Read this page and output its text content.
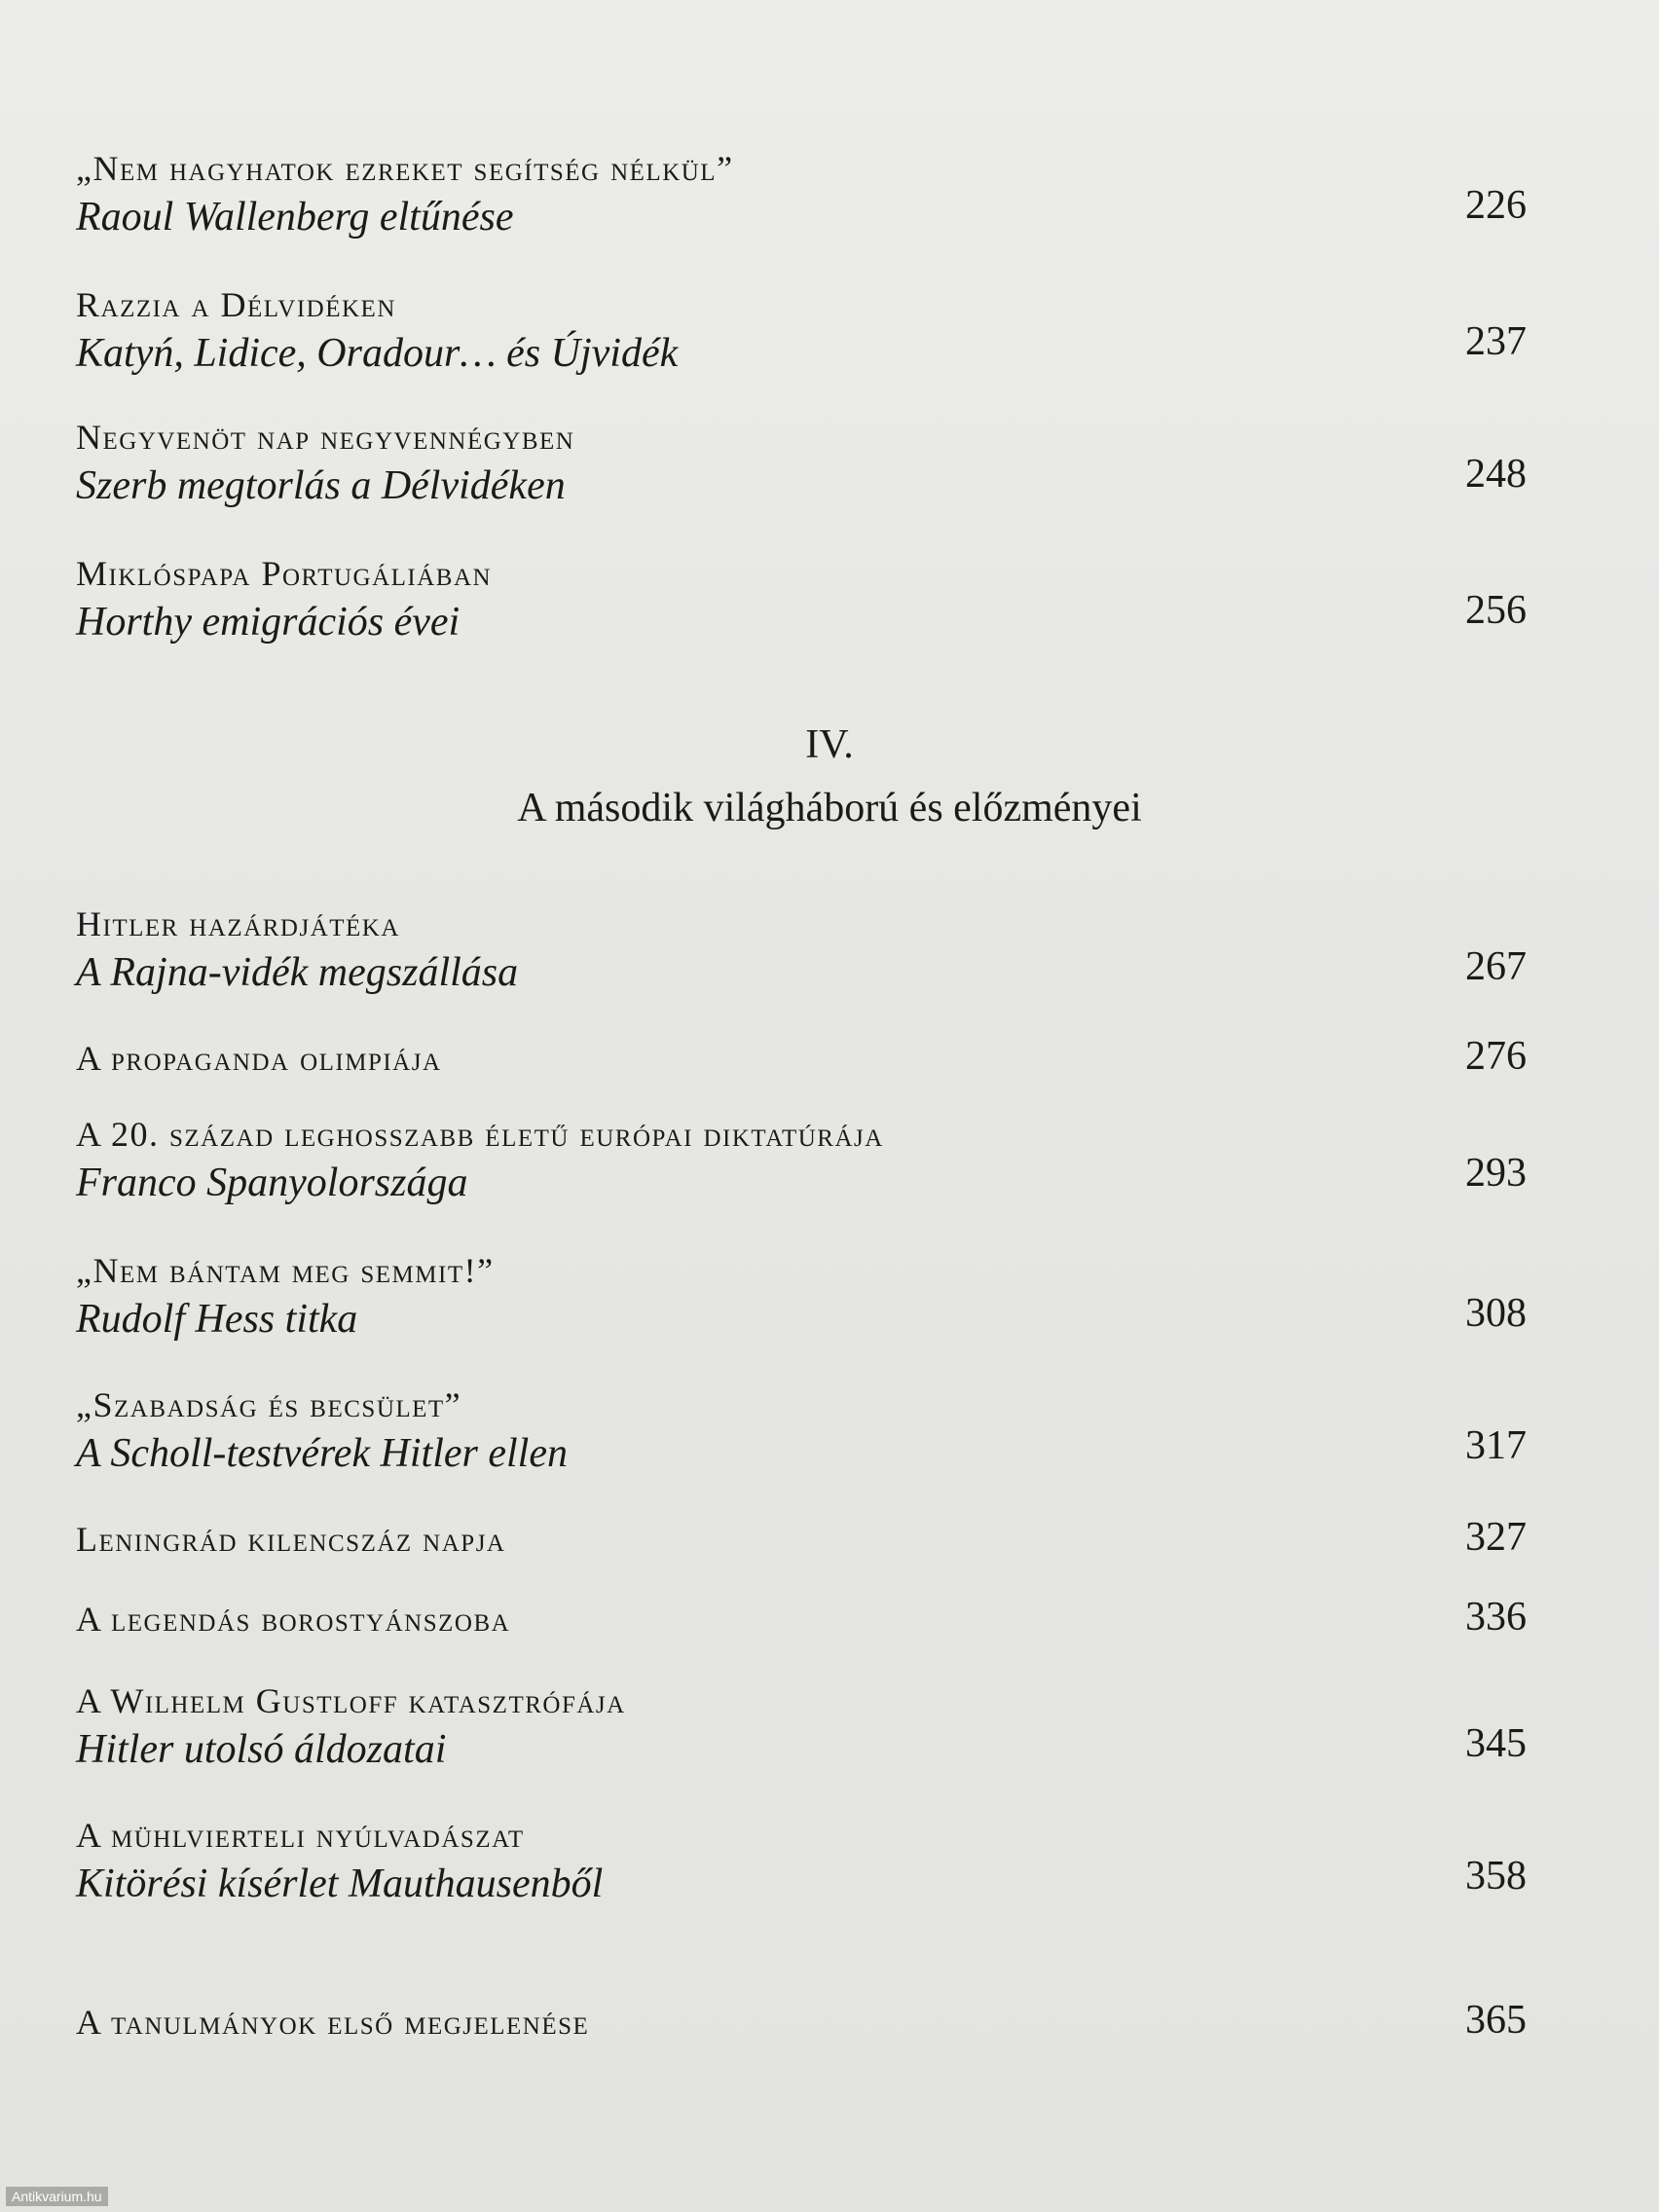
„Nem hagyhatok ezreket segítség nélkül”
Raoul Wallenberg eltűnése	226
Razzia a Délvidéken
Katyń, Lidice, Oradour… és Újvidék	237
Negyvenöt nap negyvennégyben
Szerb megtorlás a Délvidéken	248
Miklóspapa Portugáliában
Horthy emigrációs évei	256
IV.
A második világháború és előzményei
Hitler hazárdjátéka
A Rajna-vidék megszállása	267
A propaganda olimpiája	276
A 20. század leghosszabb életű európai diktatúrája
Franco Spanyolországa	293
„Nem bántam meg semmit!”
Rudolf Hess titka	308
„Szabadság és becsület”
A Scholl-testvérek Hitler ellen	317
Leningrád kilencszáz napja	327
A legendás borostyánszoba	336
A Wilhelm Gustloff katasztrófája
Hitler utolsó áldozatai	345
A mühlvierteli nyúlvadászat
Kitörési kísérlet Mauthausenből	358
A tanulmányok első megjelenése	365
Antikvarium.hu
